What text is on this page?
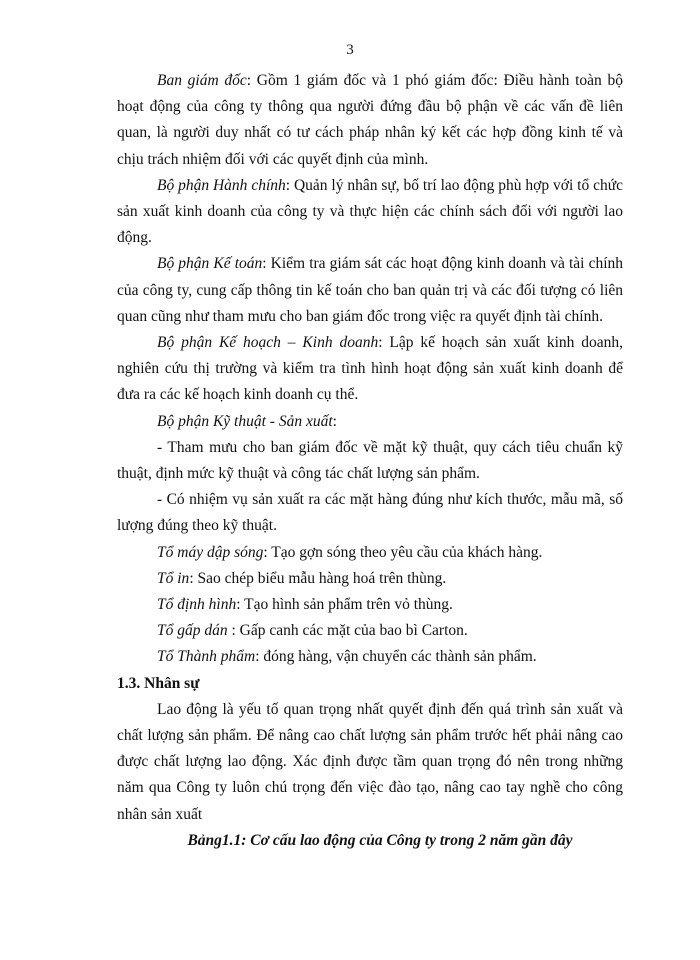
3

Ban giám đốc: Gồm 1 giám đốc và 1 phó giám đốc: Điều hành toàn bộ hoạt động của công ty thông qua người đứng đầu bộ phận về các vấn đề liên quan, là người duy nhất có tư cách pháp nhân ký kết các hợp đồng kinh tế và chịu trách nhiệm đối với các quyết định của mình.

Bộ phận Hành chính: Quản lý nhân sự, bố trí lao động phù hợp với tổ chức sản xuất kinh doanh của công ty và thực hiện các chính sách đối với người lao động.

Bộ phận Kế toán: Kiểm tra giám sát các hoạt động kinh doanh và tài chính của công ty, cung cấp thông tin kế toán cho ban quản trị và các đối tượng có liên quan cũng như tham mưu cho ban giám đốc trong việc ra quyết định tài chính.

Bộ phận Kế hoạch – Kinh doanh: Lập kế hoạch sản xuất kinh doanh, nghiên cứu thị trường và kiểm tra tình hình hoạt động sản xuất kinh doanh để đưa ra các kế hoạch kinh doanh cụ thể.

Bộ phận Kỹ thuật - Sản xuất:

- Tham mưu cho ban giám đốc về mặt kỹ thuật, quy cách tiêu chuẩn kỹ thuật, định mức kỹ thuật và công tác chất lượng sản phẩm.

- Có nhiệm vụ sản xuất ra các mặt hàng đúng như kích thước, mẫu mã, số lượng đúng theo kỹ thuật.

Tổ máy dập sóng: Tạo gợn sóng theo yêu cầu của khách hàng.

Tổ in: Sao chép biểu mẫu hàng hoá trên thùng.

Tổ định hình: Tạo hình sản phẩm trên vỏ thùng.

Tổ gấp dán : Gấp canh các mặt của bao bì Carton.

Tổ Thành phẩm: đóng hàng, vận chuyển các thành sản phẩm.

1.3. Nhân sự

Lao động là yếu tố quan trọng nhất quyết định đến quá trình sản xuất và chất lượng sản phẩm. Để nâng cao chất lượng sản phẩm trước hết phải nâng cao được chất lượng lao động. Xác định được tầm quan trọng đó nên trong những năm qua Công ty luôn chú trọng đến việc đào tạo, nâng cao tay nghề cho công nhân sản xuất

Bảng1.1: Cơ cấu lao động của Công ty trong 2 năm gần đây
